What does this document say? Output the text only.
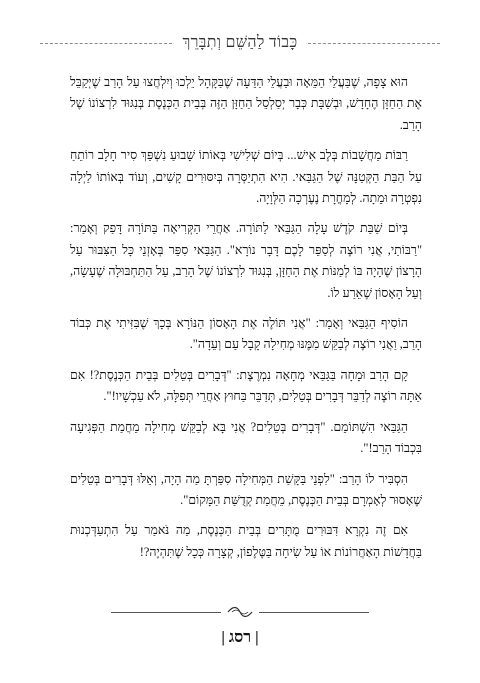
כָּבוֹד לַהַשֵּׁם וְתִבָּרֵךְ

הוּא צָפָה, שֶׁבַּעֲלֵי הַמֵּאָה וּבַעֲלֵי הַדֵּעָה שֶׁבַּקָּהָל יֵלְכוּ וְיִלְחֲצוּ עַל הָרַב שֶׁיְּקַבֵּל אֶת הַחַזָּן הֶחָדָשׁ, וּבְשַׁבָּת כְּבָר יְסַלְסֵל הַחַזָּן הַזֶּה בְּבֵית הַכְּנֶסֶת בְּנִגּוּד לִרְצוֹנוֹ שֶׁל הָרַב.

רַבּוֹת מַחֲשָׁבוֹת בְּלֶב אִישׁ... בְּיוֹם שְׁלִישִׁי בְּאוֹתוֹ שָׁבוּעַ נִשְׁפַּךְ סִיר חָלָב רוֹתֵחַ עַל הַבַּת הַקְּטַנָּה שֶׁל הַגַּבַּאי. הִיא הִתְיַסְּרָה בְּיִסּוּרִים קָשִׁים, וְעוֹד בְּאוֹתוֹ לַיְלָה נִפְטְרָה וּמֵתָה. לְמָחֳרָת נֶעֶרְכָה הַלְּוָיָה.

בְּיוֹם שַׁבַּת קֹדֶשׁ עָלָה הַגַּבַּאי לַתּוֹרָה. אַחֲרֵי הַקְּרִיאָה בַּתּוֹרָה דָּפַק וְאָמַר: "רַבּוֹתַי, אֲנִי רוֹצֶה לְסַפֵּר לָכֶם דָּבָר נוֹרָא". הַגַּבַּאי סִפֵּר בְּאָזְנֵי כָּל הַצִּבּוּר עַל הָרָצוֹן שֶׁהָיָה בּוֹ לְמַנּוֹת אֶת הַחַזָּן, בְּנִגּוּד לִרְצוֹנוֹ שֶׁל הָרַב, עַל הַתַּחְבּוּלָה שֶׁעָשָׂה, וְעַל הָאָסוֹן שֶׁאֵרַע לוֹ.

הוֹסִיף הַגַּבַּאי וְאָמַר: "אֲנִי תּוֹלֶה אֶת הָאָסוֹן הַנּוֹרָא בְּכָךְ שֶׁבִּזִּיתִי אֶת כְּבוֹד הָרַב, וַאֲנִי רוֹצֶה לְבַקֵּשׁ מִמֶּנּוּ מְחִילָה קָבָל עַם וְעֵדָה".

קָם הָרַב וּמָחָה בַּגַּבַּאי מְחָאָה נִמְרֶצֶת: "דְּבָרִים בְּטֵלִים בְּבֵית הַכְּנֶסֶת?! אִם אַתָּה רוֹצֶה לְדַבֵּר דְּבָרִים בְּטֵלִים, תְּדַבֵּר בַּחוּץ אַחֲרֵי תְּפִלָּה, לֹא עַכְשָׁיו!".

הַגַּבַּאי הִשְׁתּוֹמֵם. "דְּבָרִים בְּטֵלִים? אֲנִי בָּא לְבַקֵּשׁ מְחִילָה מֵחֲמַת הַפְּגִיעָה בִּכְבוֹד הָרַב!".

הִסְבִּיר לוֹ הָרַב: "לִפְנֵי בַּקָּשַׁת הַמְּחִילָה סִפַּרְתָּ מַה הָיָה, וְאֵלּוּ דְּבָרִים בְּטֵלִים שֶׁאָסוּר לְאָמְרָם בְּבֵית הַכְּנֶסֶת, מֵחֲמַת קְדֻשַּׁת הַמָּקוֹם".

אִם זֶה נִקְרָא דִּבּוּרִים מֻתָּרִים בְּבֵית הַכְּנֶסֶת, מַה נֹּאמַר עַל הִתְעַדְּכְנוּת בַּחֲדָשׁוֹת הָאַחֲרוֹנוֹת אוֹ עַל שִׂיחָה בַּטֶּלֶפוֹן, קְצָרָה כְּכָל שֶׁתִּהְיֶה?!

| רסג |
